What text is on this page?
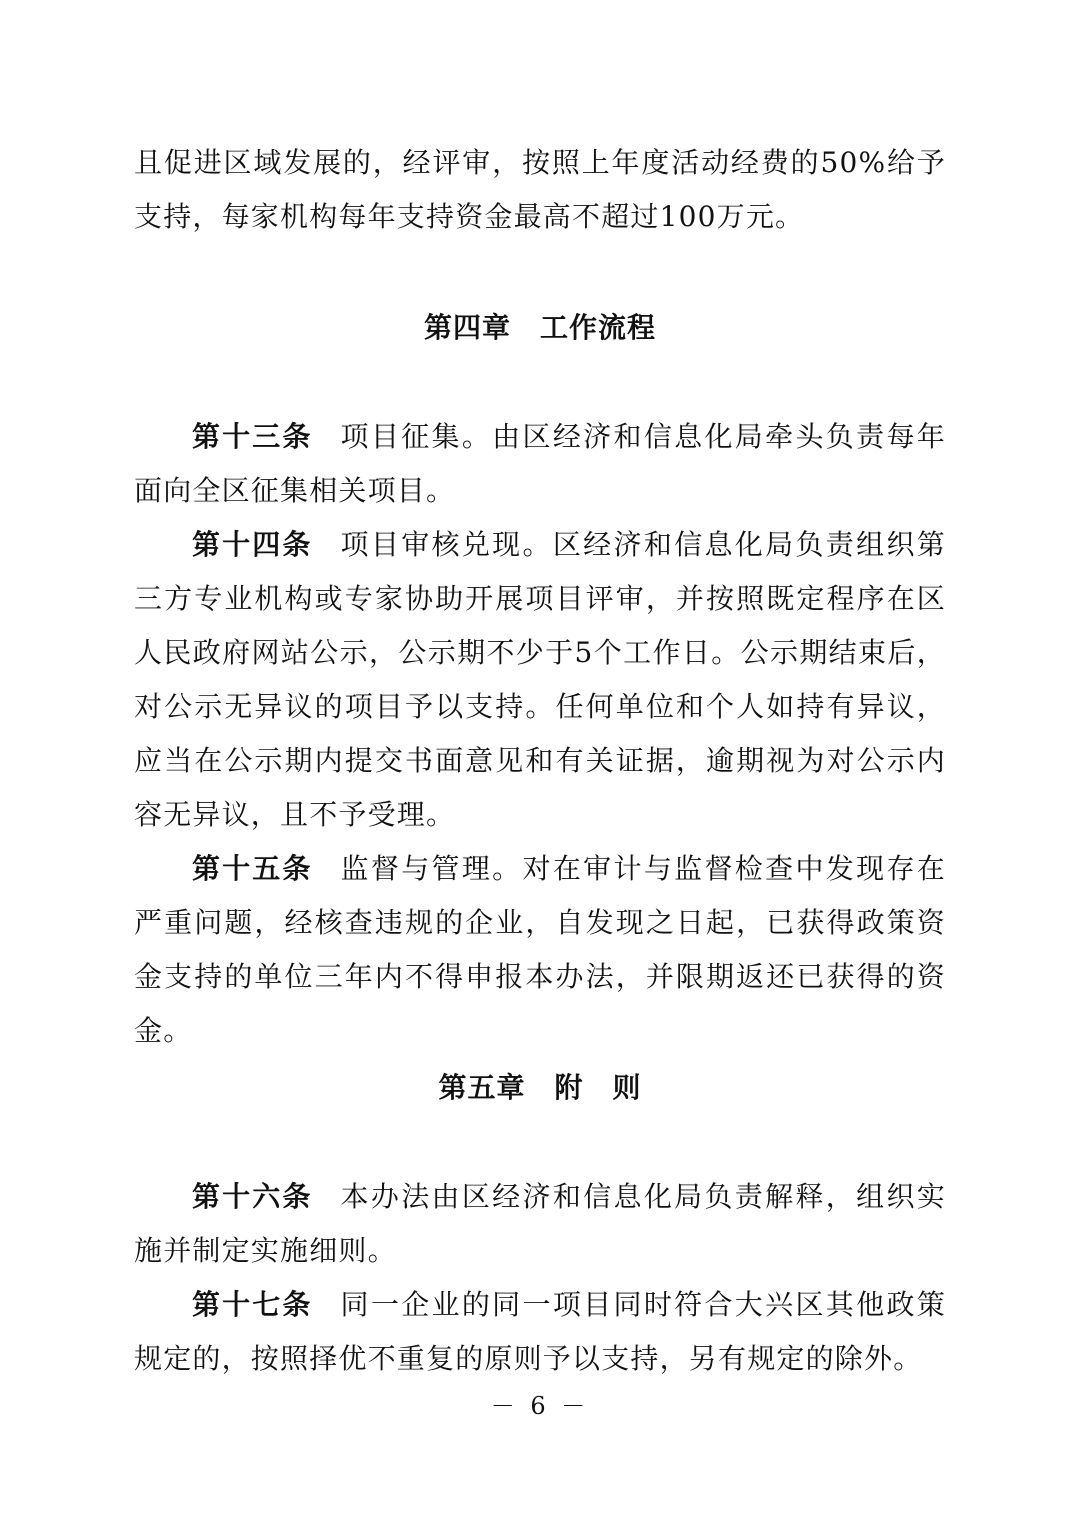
且促进区域发展的，经评审，按照上年度活动经费的50%给予支持，每家机构每年支持资金最高不超过100万元。

第四章　工作流程

第十三条 项目征集。由区经济和信息化局牵头负责每年面向全区征集相关项目。

第十四条 项目审核兑现。区经济和信息化局负责组织第三方专业机构或专家协助开展项目评审，并按照既定程序在区人民政府网站公示，公示期不少于5个工作日。公示期结束后，对公示无异议的项目予以支持。任何单位和个人如持有异议，应当在公示期内提交书面意见和有关证据，逾期视为对公示内容无异议，且不予受理。

第十五条 监督与管理。对在审计与监督检查中发现存在严重问题，经核查违规的企业，自发现之日起，已获得政策资金支持的单位三年内不得申报本办法，并限期返还已获得的资金。

第五章　附　则

第十六条 本办法由区经济和信息化局负责解释，组织实施并制定实施细则。

第十七条 同一企业的同一项目同时符合大兴区其他政策规定的，按照择优不重复的原则予以支持，另有规定的除外。

－ 6 －
